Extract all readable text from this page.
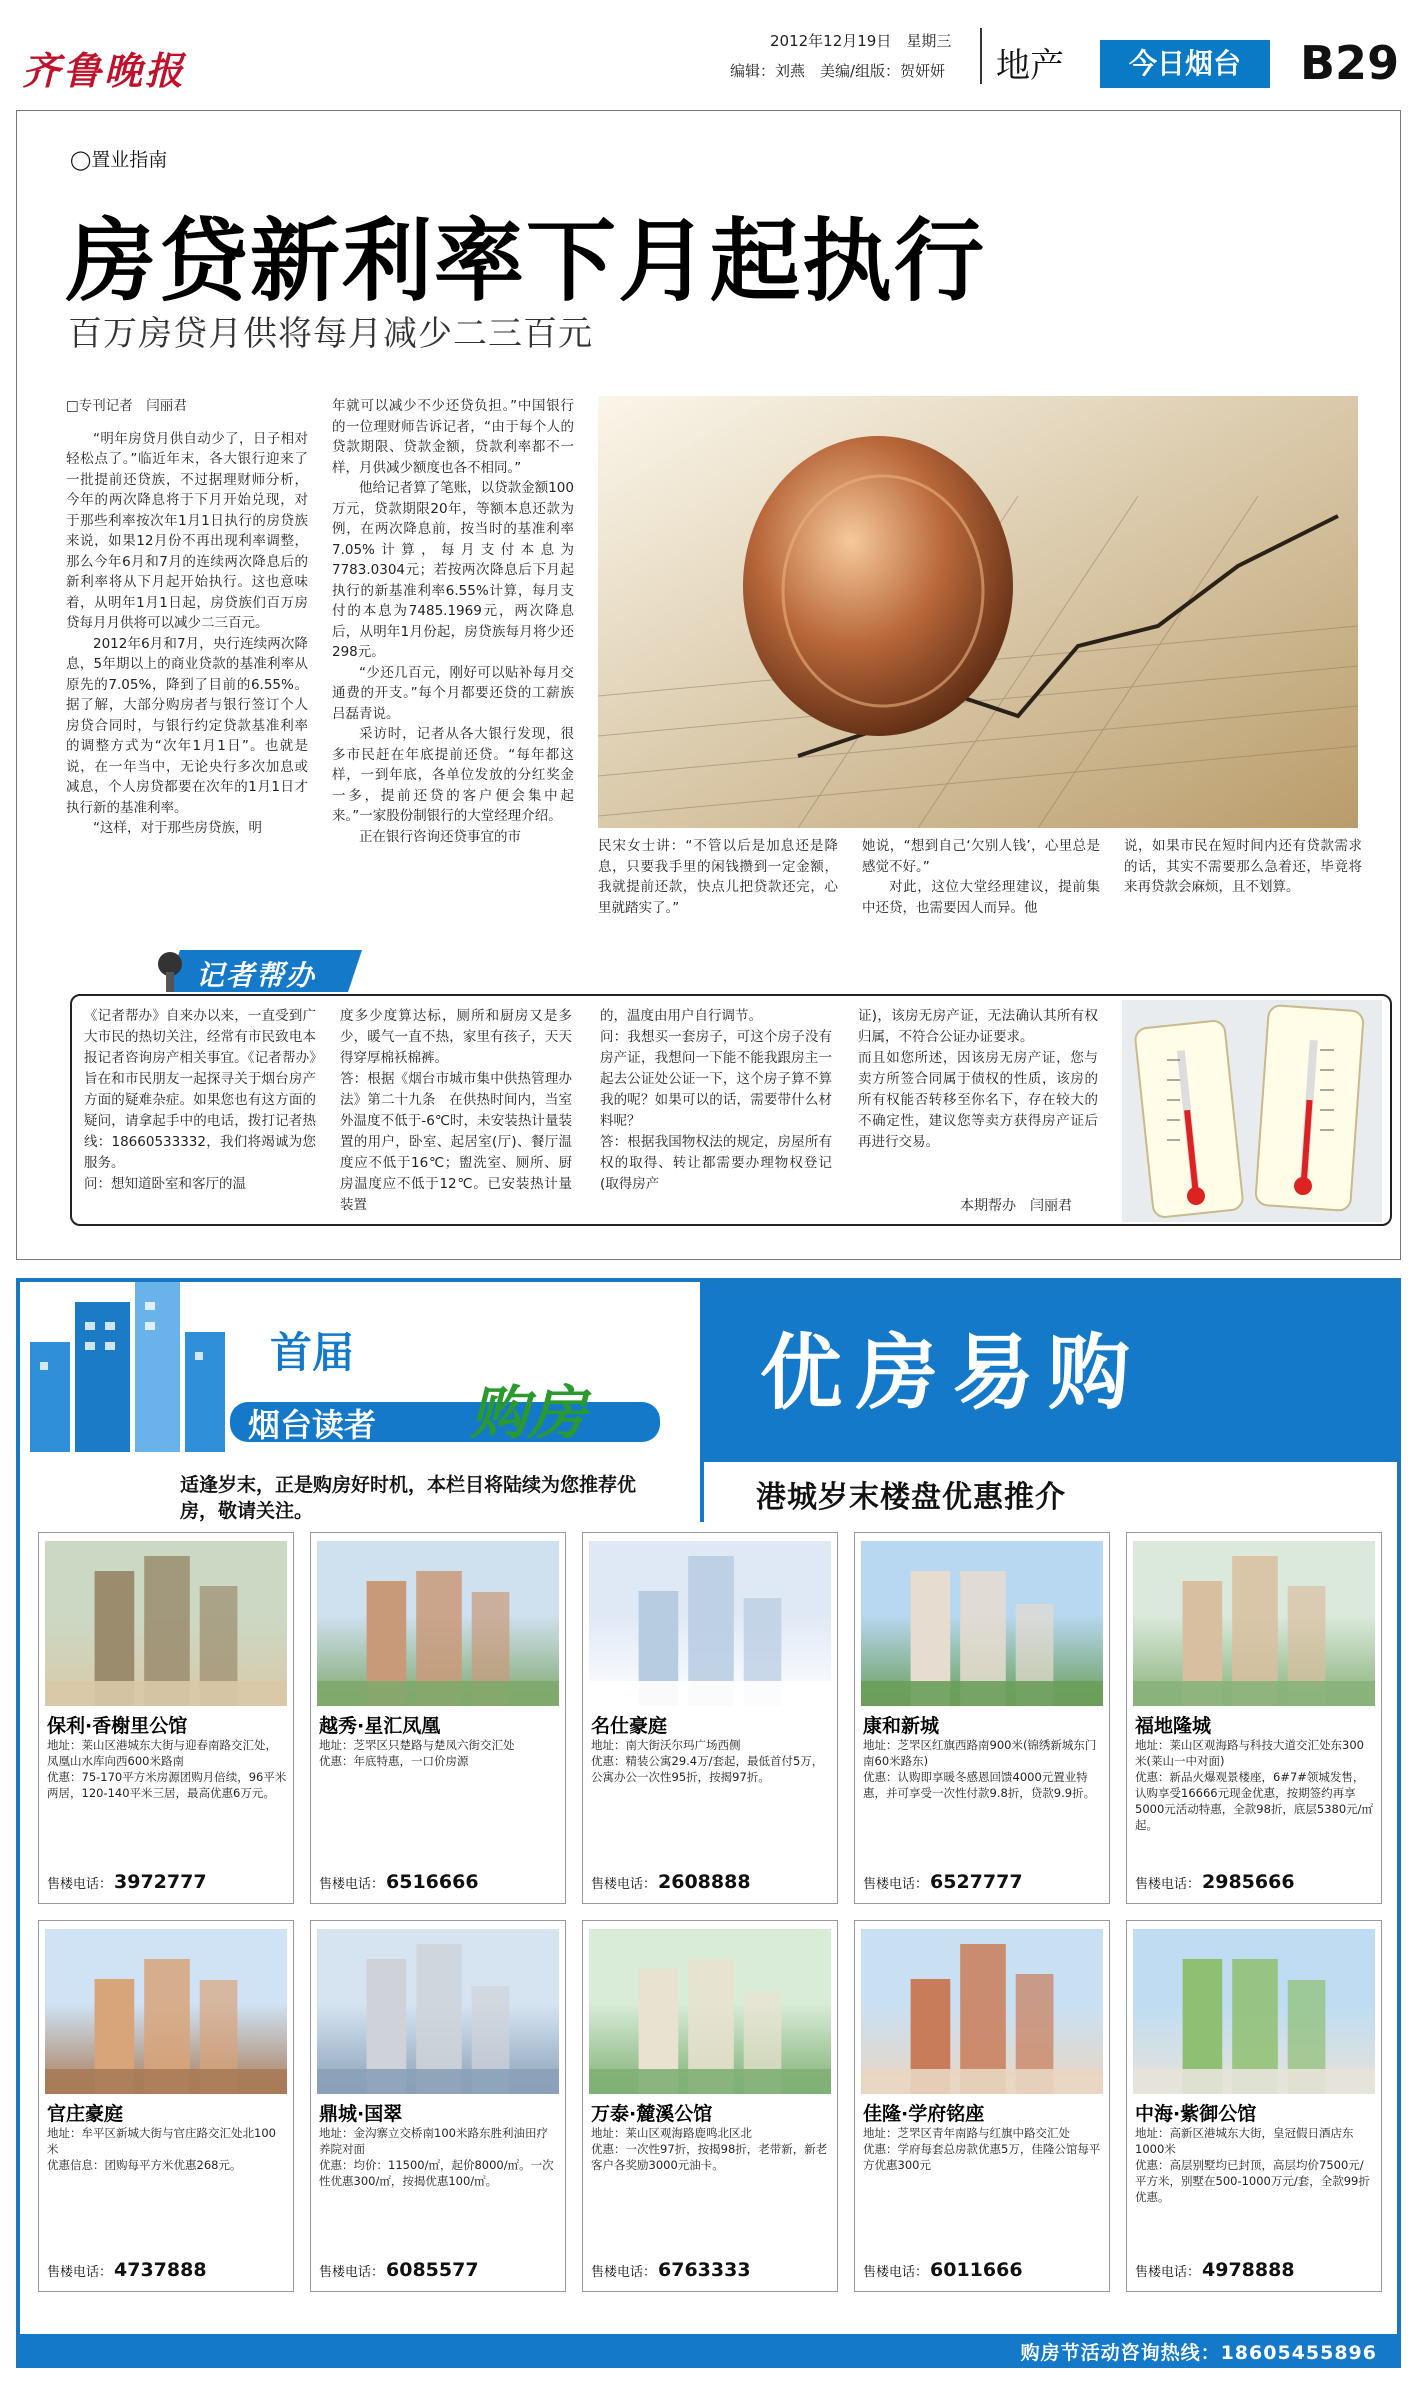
齐鲁晚报
2012年12月19日　星期三
编辑：刘燕　美编/组版：贺妍妍 地产	今日烟台	B29
◯置业指南
房贷新利率下月起执行
百万房贷月供将每月减少二三百元
□专刊记者　闫丽君

“明年房贷月供自动少了，日子相对轻松点了。”临近年末，各大银行迎来了一批提前还贷族，不过据理财师分析，今年的两次降息将于下月开始兑现，对于那些利率按次年1月1日执行的房贷族来说，如果12月份不再出现利率调整，那么今年6月和7月的连续两次降息后的新利率将从下月起开始执行。这也意味着，从明年1月1日起，房贷族们百万房贷每月月供将可以减少二三百元。

2012年6月和7月，央行连续两次降息，5年期以上的商业贷款的基准利率从原先的7.05%，降到了目前的6.55%。据了解，大部分购房者与银行签订个人房贷合同时，与银行约定贷款基准利率的调整方式为“次年1月1日”。也就是说，在一年当中，无论央行多次加息或减息，个人房贷都要在次年的1月1日才执行新的基准利率。

“这样，对于那些房贷族，明

年就可以减少不少还贷负担。”中国银行的一位理财师告诉记者，“由于每个人的贷款期限、贷款金额，贷款利率都不一样，月供减少额度也各不相同。”

他给记者算了笔账，以贷款金额100万元，贷款期限20年，等额本息还款为例，在两次降息前，按当时的基准利率7.05%计算，每月支付本息为7783.0304元；若按两次降息后下月起执行的新基准利率6.55%计算，每月支付的本息为7485.1969元，两次降息后，从明年1月份起，房贷族每月将少还298元。

“少还几百元，刚好可以贴补每月交通费的开支。”每个月都要还贷的工薪族吕磊青说。

采访时，记者从各大银行发现，很多市民赶在年底提前还贷。“每年都这样，一到年底，各单位发放的分红奖金一多，提前还贷的客户便会集中起来。”一家股份制银行的大堂经理介绍。

正在银行咨询还贷事宜的市

民宋女士讲：“不管以后是加息还是降息，只要我手里的闲钱攒到一定金额，我就提前还款，快点儿把贷款还完，心里就踏实了。”

她说，“想到自己‘欠别人钱’，心里总是感觉不好。”

对此，这位大堂经理建议，提前集中还贷，也需要因人而异。他

说，如果市民在短时间内还有贷款需求的话，其实不需要那么急着还，毕竟将来再贷款会麻烦，且不划算。

记者帮办
《记者帮办》自来办以来，一直受到广大市民的热切关注，经常有市民致电本报记者咨询房产相关事宜。《记者帮办》旨在和市民朋友一起探寻关于烟台房产方面的疑难杂症。如果您也有这方面的疑问，请拿起手中的电话，拨打记者热线：18660533332，我们将竭诚为您服务。
问：想知道卧室和客厅的温
度多少度算达标，厕所和厨房又是多少，暖气一直不热，家里有孩子，天天得穿厚棉袄棉裤。
答：根据《烟台市城市集中供热管理办法》第二十九条　在供热时间内，当室外温度不低于-6℃时，未安装热计量装置的用户，卧室、起居室(厅)、餐厅温度应不低于16℃；盥洗室、厕所、厨房温度应不低于12℃。已安装热计量装置
的，温度由用户自行调节。
问：我想买一套房子，可这个房子没有房产证，我想问一下能不能我跟房主一起去公证处公证一下，这个房子算不算我的呢？如果可以的话，需要带什么材料呢？
答：根据我国物权法的规定，房屋所有权的取得、转让都需要办理物权登记(取得房产
证)，该房无房产证，无法确认其所有权归属，不符合公证办证要求。
而且如您所述，因该房无房产证，您与卖方所签合同属于债权的性质，该房的所有权能否转移至你名下，存在较大的不确定性，建议您等卖方获得房产证后再进行交易。
本期帮办　闫丽君
首届
烟台读者 购房 节
优房易购
适逢岁末，正是购房好时机，本栏目将陆续为您推荐优房，敬请关注。	港城岁末楼盘优惠推介
保利·香榭里公馆
地址：莱山区港城东大街与迎春南路交汇处，凤凰山水库向西600米路南
优惠：75-170平方米房源团购月倍续，96平米两居，120-140平米三居，最高优惠6万元。
售楼电话： 3972777
越秀·星汇凤凰
地址：芝罘区只楚路与楚凤六街交汇处
优惠：年底特惠，一口价房源
售楼电话： 6516666
名仕豪庭
地址：南大街沃尔玛广场西侧
优惠：精装公寓29.4万/套起，最低首付5万，公寓办公一次性95折，按揭97折。
售楼电话： 2608888
康和新城
地址：芝罘区红旗西路南900米(锦绣新城东门南60米路东)
优惠：认购即享暖冬感恩回馈4000元置业特惠，并可享受一次性付款9.8折，贷款9.9折。
售楼电话： 6527777
福地隆城
地址：莱山区观海路与科技大道交汇处东300米(莱山一中对面)
优惠：新品火爆观景楼座，6#7#领城发售，认购享受16666元现金优惠，按期签约再享5000元活动特惠，全款98折，底层5380元/㎡起。
售楼电话： 2985666
官庄豪庭
地址：牟平区新城大街与官庄路交汇处北100米
优惠信息：团购每平方米优惠268元。
售楼电话： 4737888
鼎城·国翠
地址：金沟寨立交桥南100米路东胜利油田疗养院对面
优惠：均价：11500/㎡，起价8000/㎡。一次性优惠300/㎡，按揭优惠100/㎡。
售楼电话： 6085577
万泰·麓溪公馆
地址：莱山区观海路鹿鸣北区北
优惠：一次性97折，按揭98折，老带新，新老客户各奖励3000元油卡。
售楼电话： 6763333
佳隆·学府铭座
地址：芝罘区青年南路与红旗中路交汇处
优惠：学府每套总房款优惠5万，佳隆公馆每平方优惠300元
售楼电话： 6011666
中海·紫御公馆
地址：高新区港城东大街，皇冠假日酒店东1000米
优惠：高层别墅均已封顶，高层均价7500元/平方米，别墅在500-1000万元/套，全款99折优惠。
售楼电话： 4978888
购房节活动咨询热线：18605455896
